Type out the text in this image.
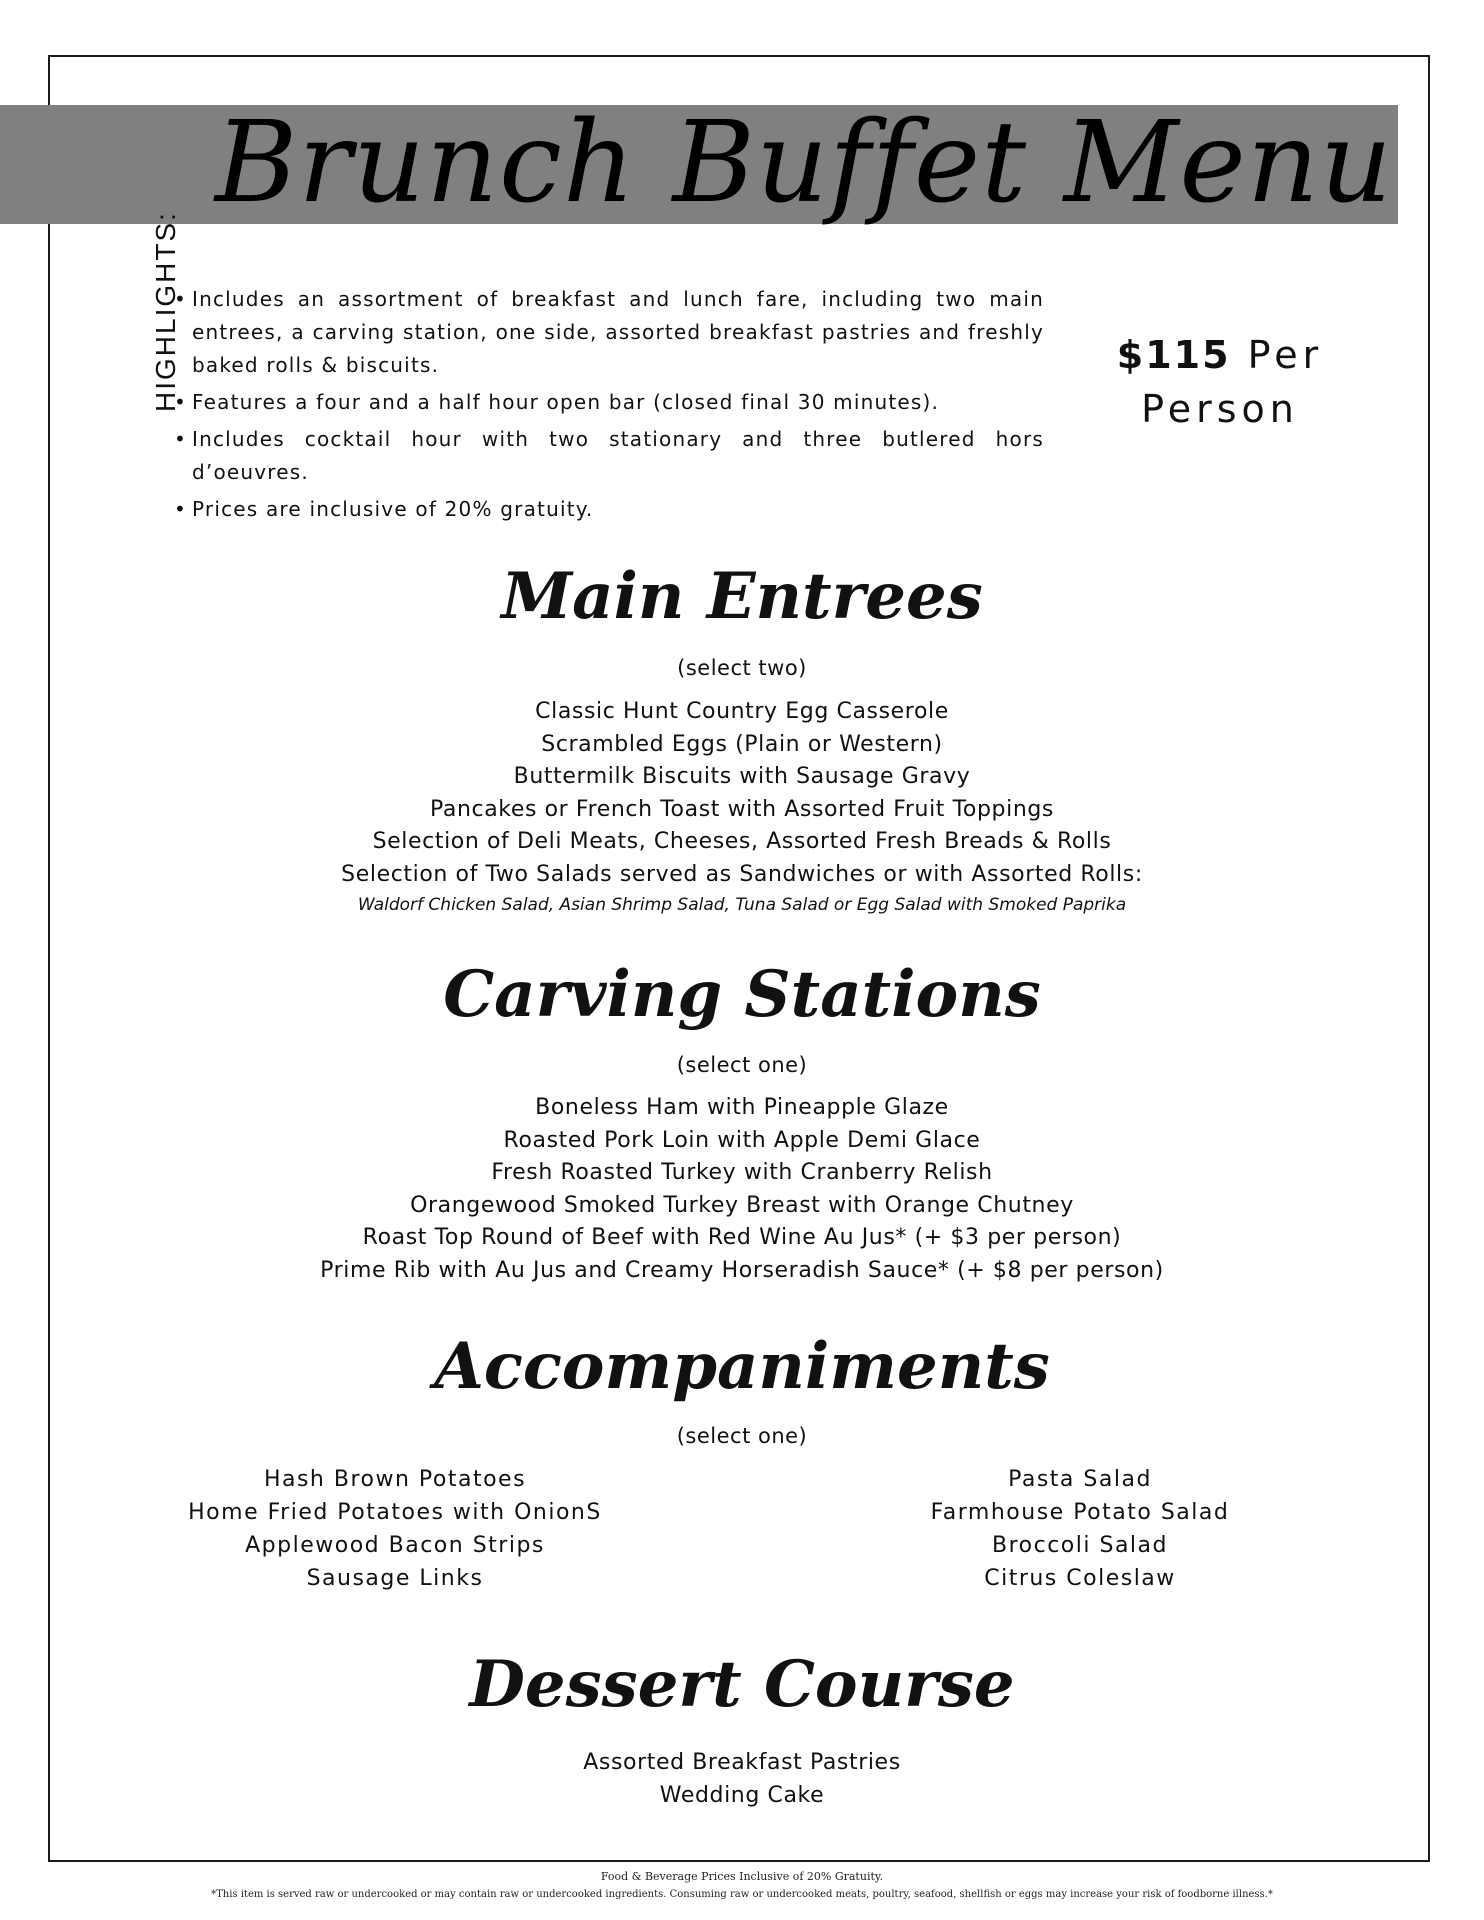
Brunch Buffet Menu
HIGHLIGHTS:
• Includes an assortment of breakfast and lunch fare, including two main entrees, a carving station, one side, assorted breakfast pastries and freshly baked rolls & biscuits.
• Features a four and a half hour open bar (closed final 30 minutes).
• Includes cocktail hour with two stationary and three butlered hors d’oeuvres.
• Prices are inclusive of 20% gratuity.
$115 Per
Person
Main Entrees
(select two)
Classic Hunt Country Egg Casserole
Scrambled Eggs (Plain or Western)
Buttermilk Biscuits with Sausage Gravy
Pancakes or French Toast with Assorted Fruit Toppings
Selection of Deli Meats, Cheeses, Assorted Fresh Breads & Rolls
Selection of Two Salads served as Sandwiches or with Assorted Rolls:
Waldorf Chicken Salad, Asian Shrimp Salad, Tuna Salad or Egg Salad with Smoked Paprika
Carving Stations
(select one)
Boneless Ham with Pineapple Glaze
Roasted Pork Loin with Apple Demi Glace
Fresh Roasted Turkey with Cranberry Relish
Orangewood Smoked Turkey Breast with Orange Chutney
Roast Top Round of Beef with Red Wine Au Jus* (+ $3 per person)
Prime Rib with Au Jus and Creamy Horseradish Sauce* (+ $8 per person)
Accompaniments
(select one)
Hash Brown Potatoes
Home Fried Potatoes with OnionS
Applewood Bacon Strips
Sausage Links
Pasta Salad
Farmhouse Potato Salad
Broccoli Salad
Citrus Coleslaw
Dessert Course
Assorted Breakfast Pastries
Wedding Cake
Food & Beverage Prices Inclusive of 20% Gratuity.
*This item is served raw or undercooked or may contain raw or undercooked ingredients. Consuming raw or undercooked meats, poultry, seafood, shellfish or eggs may increase your risk of foodborne illness.*
